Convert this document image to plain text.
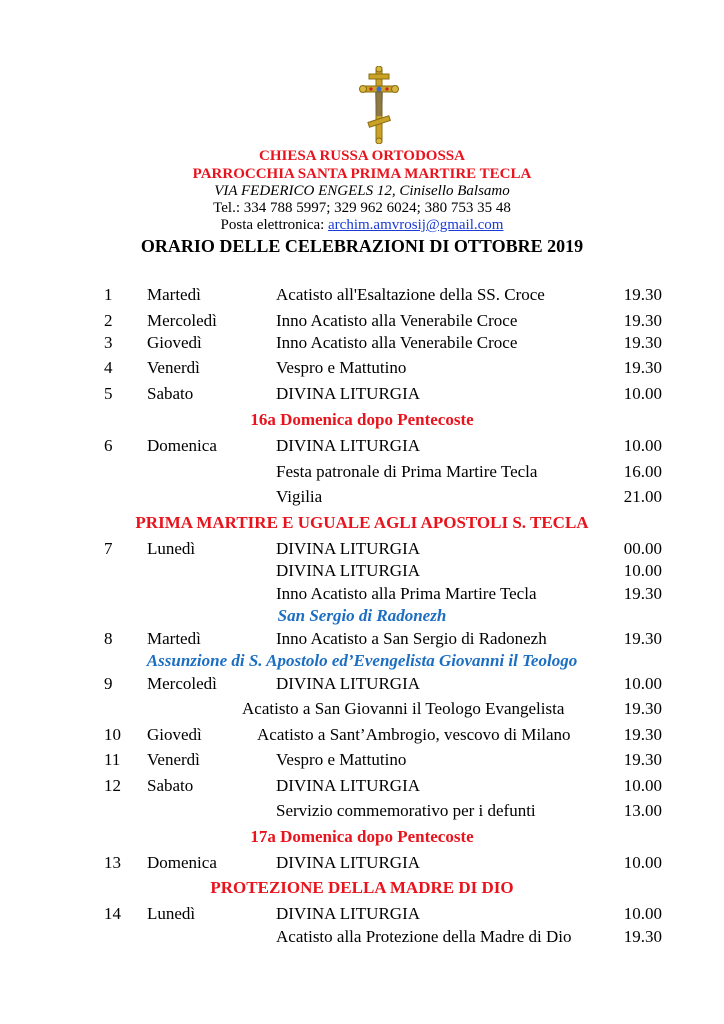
CHIESA RUSSA ORTODOSSA
PARROCCHIA SANTA PRIMA MARTIRE TECLA
VIA FEDERICO ENGELS 12, Cinisello Balsamo
Tel.: 334 788 5997; 329 962 6024; 380 753 35 48
Posta elettronica: archim.amvrosij@gmail.com
ORARIO DELLE CELEBRAZIONI DI OTTOBRE 2019
1 Martedì	Acatisto all'Esaltazione della SS. Croce	19.30
2 Mercoledì	Inno Acatisto alla Venerabile Croce	19.30
3 Giovedì	Inno Acatisto alla Venerabile Croce	19.30
4 Venerdì	Vespro e Mattutino	19.30
5 Sabato	DIVINA LITURGIA	10.00
16a Domenica dopo Pentecoste
6 Domenica	DIVINA LITURGIA	10.00
Festa patronale di Prima Martire Tecla	16.00
Vigilia	21.00
PRIMA MARTIRE E UGUALE AGLI APOSTOLI S. TECLA
7 Lunedì	DIVINA LITURGIA	00.00
DIVINA LITURGIA	10.00
Inno Acatisto alla Prima Martire Tecla	19.30
San Sergio di Radonezh
8 Martedì	Inno Acatisto a San Sergio di Radonezh	19.30
Assunzione di S. Apostolo ed’Evengelista Giovanni il Teologo
9 Mercoledì	DIVINA LITURGIA	10.00
Acatisto a San Giovanni il Teologo Evangelista	19.30
10 Giovedì	Acatisto a Sant’Ambrogio, vescovo di Milano	19.30
11 Venerdì	Vespro e Mattutino	19.30
12 Sabato	DIVINA LITURGIA	10.00
Servizio commemorativo per i defunti	13.00
17a Domenica dopo Pentecoste
13 Domenica	DIVINA LITURGIA	10.00
PROTEZIONE DELLA MADRE DI DIO
14 Lunedì	DIVINA LITURGIA	10.00
Acatisto alla Protezione della Madre di Dio	19.30
